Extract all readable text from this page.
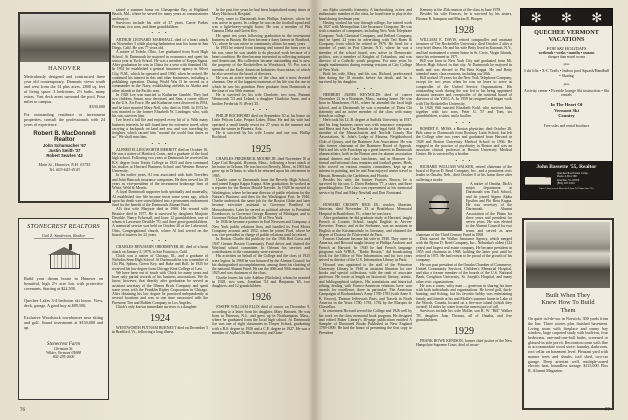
HANOVER
Meticulously designed and constructed three year old contemporary. Dramatic views south and west from the 14 plus acres. 2800 sq. feet of living space. 3 bedrooms, 2½ baths, many extras. Vast deck areas surround the pool. Four miles to campus.
$350,000
For outstanding residence or investment properties, consult the professionals with 24 years of experience.
Robert B. MacDonnell
Realtor
John Schumacher '67
Justin Smith '37
Robert Searles '42
Main St., Hanover, N.H. 03755
Tel. 603-643-4143
STONECREST REALTORS
Gail Z. Sanderson, Realtor
Build your dream house in Hanover on beautiful, high 2½ acre lots with protective covenants. Starting at $22,500.
Quechee Lakes 3-4 bedroom ski house. View, deck, garage. A good buy at $89,500.
Exclusive Woodstock townhouses near skiing and golf. Sound investment at $150,000 and up.
Stonecrest Farm
Christian St.
Wilder, Vermont 05088
802-295-2600
✻ ✻ ✻
QUECHEE VERMONT VACATIONS
FOR SKI HOLIDAYS
weekends • weeks • months • seasons
cheaper than motel rooms
plus
3 ski lifts • X-C Trails • Indoor pool Squash/Handball • Skating
plus
Activity center • Fireside lounge Ski instruction • Ski rentals
In The Heart Of Vermont Ski Country
Free sales and rental brochure
John Bassette '55, Realtor
Quechee Real Estate Comp.
Route 4, Box 560
Quechee, Vt. 05059
(802) 295-5100
Open 7 days a week Mon-Sat 9-5pm Fri 9-8pm Sun 12-5
Built When They Knew How To Build Them
On quiet cul-de-sac in Norwich, 300 yards from the Inn. Three stories plus finished basement. Living room with fireplace and sunny bay window, large carpeted study with built-ins, four bedrooms, one-and-one-half baths, screened or glassed-in side porch. Recreation room with flue to accommodate wood stove, laundry, darkroom, root cellar on basement level. Pleasant yard with mature trees and shrubs, tool shed, two-car garage. Deep artesian well, multiple-zoned electric heat, boundless storage. $115,000. Box R, Alumni Magazine.

raised a summer home on Chesapeake Bay at Highland Beach, Md., where he served for many years as commissioner and mayor.

Survivors include his wife of 37 years, Carrie Parkes Freeman, two sons, and three grandchildren.

• • •

ARTHUR LEONARD MARSHALL died of a heart attack on November 3 while playing badminton near his home in San Diego, Calif. He was 77 years old.

A native of Toledo, Ohio, Lee graduated from Scott High School. At Dartmouth he majored in economics and spent his senior year at Tuck School. He was a member of Kappa Sigma. After graduation he was in China for a year with Standard Oil. In 1931 he established a general insurance agency in Silver City, N.M., which he operated until 1960, when he retired. He continued his interest in this and other businesses, including a publishing operation. During World War II he served as a commander in the Navy, establishing airfields in Alaska and other islands in the Pacific area.

In 1928 Lee was married to Katharine Gamble. They had two children, Susan, now deceased, and Sam, a career officer in the U.S. Air Force. He and Katharine were divorced in 1954, and he later married Mary Nell, who died in 1969. In 1972 he was married to the former Elizabeth W. Lindinger, who, with his son, survives him.

Lee lived a full life and enjoyed every bit of it. With many business interests, he still found time for extensive travel, often carrying a backpack on land and sea, and was traveling by freighter, which carried him "around the world four times or so." We shall miss him.

• • •

ALFRED ELLINGWORTH MERRITT died on October 16. He was a native of Hartford, Conn., and a graduate of the local high school. Following two years at Dartmouth he received his B.S. degree from Trinity College in 1923 and then continued his studies at Harvard Business School and Western Reserve University.

In his earlier years, Al was associated with both Travelers and John Hancock insurance companies. He then served for 28 years as vice-president of the investment brokerage firm of White, Weld & Merritt.

A loyal Dartmouth supporter both spiritually and materially, Al established two life income trusts some years ago, which upon his death were consolidated into a permanent endowment fund for the benefit of the Dartmouth Alumni Fund.

Al's first wife Marjorie died in 1966. His second wife Beatrice died in 1977. He is survived by daughters Marjorie Dewilde, Nancy Eckersall, and Joan; 12 grandchildren, one of whom is Lawrence Dewilde '70, and three great-grandchildren. A memorial service was held on October 20 at the Lakewood, Ohio, Congregational church, where Al had served on the board of trustees for 22 years.

• • •

CHARLES BENJAMIN OBERMEYER JR. died of a heart attack on January 3, 1978, in San Francisco, Calif.

Chick was a native of Chicago, Ill., and a graduate of Nicholas Senn High School. At Dartmouth he was a member of Chi Phi, Sphinx, Green Key, and Rake and Roll. In 1925 he received his law degree from Chicago Kent College of Law.

We have been out of touch with Chick for many years and have only partial records of his business associations. We do know, however, that directly after graduation he served as assistant secretary of the Illinois Brick Company and spent some years with the Franklin Ripley Corporation in Chicago. After obtaining his law degree he practiced independently at several locations and was at one time associated with the Firestone Tire and Rubber Company in Los Angeles.

Chick's only known immediate survivor is a daughter.

1924

WENTWORTH PUTNAM BURNETT died on December 5 in Bradford, Vt., following a long illness.

In the past five years he had been hospitalized many times at Mary Hitchcock Hospital.

Porty came to Dartmouth from Phillips Andover, where he was active in sports. In college he was on the football squad and was a light-heavy-weight boxer. He was a member of Phi Gamma Delta and Green Key.

He spent ten years following graduation in the investment business in Boston. He then became a dairy farmer in Bradford, Vt., where he was active in community affairs for many years.

In 1953 he retired from farming and turned the farm over to his son, since he was unable to do physical work because of a heart condition. He then became interested in collecting antiques and Americana. His collection became outstanding and is now the property of the Rockefellers in Woodstock, Vt. Por was a member of the Early American Industries Association, of which he also served on the board of directors.

He was an active member of the class and a most devoted alumnus. One of the happiest moments of his life was the one in which he saw his grandson Peter graduate from Dartmouth at the time of our 50th reunion.

He is survived by his wife Charlotte, two sons, Putnam Wentworth '53 and Leland, a daughter Charlotte Anne, and a brother Frederick N. (Pete) '25.

• • •

PHILIP ROCHFORD died on September 30 at his home on Little Pelican Lake, Pequot Lakes, Minn. He and his wife had operated a small family resort for 27 years in the summer and spent the winter in Phoenix, Ariz.

He is survived by his wife Louise and one son, Phillip Rochford.

1925

CHARLES FREDERICK MOORE JR. died November 10 at Cape Cod Hospital, Hyannis, Mass., following a heart attack at his home in Orleans. He was born in Beverly, Mass., in 1903 but grew up in Orleans, to which he returned upon his retirement in 1965.

Charlie came to Dartmouth from the Beverly High School, and joined Kappa Kappa Kappa. After graduation, he worked as a reporter for the Boston Herald-Traveler. In 1928 he moved to Washington, where he became director of public relations for the Nation's Business and then for the Washington Post. In 1940, Charlie undertook the same job for the Boston Globe and later became executive assistant to Governor Bradford of Massachusetts. Later he served as political adviser to President Eisenhower, to Governor George Romney of Michigan, and to Governor Nelson Rockefeller '30 of New York.

In 1946 he became a partner in Earl Newsom and Company, a New York public relations firm, and handled its Ford Motor Company account until 1952, when he joined Ford, where he was vice-president in charge of public relations until he retired.

In Boston Charlie did publicity for the 1946 Red Cross and 1947 Greater Boston Community Fund drives and chaired the Wayland school committee. In Orleans his services and contributions to the community were extensive.

His activities on behalf of the College and the class of 1925 were legion. In 1968 he was honored by the Alumni Council for his distinguished accomplishments, among them his chairing of the national Alumni Fund. He ran the 40th and 50th reunions for 1925 and was chairman of the class.

Charlie leaves his wife Adeline (Nicholas), whom he married in 1928, two sons, Jonathan '54 and Benjamin '65, two daughters, and 12 grandchildren.

1926

JOSEPH WILLIAM ELLIS died of cancer on December 9, according to a letter from his daughter, Mary Hartnett. He was born in Paterson, N.J., and grew up in Northampton, Mass., where he graduated from the local high school. At Dartmouth Joe was one of eight classmates in Thayer School, graduating with a B.S. degree in 1926 and a C.E. degree in 1927. He was a member of Alpha Chi Rho fraternity and Gam-

ma Alpha scientific fraternity. A hardworking, active, and enthusiastic member of the class, he found time to play in the band during freshman year.

Having worked his way through college, Joe started work in 1927 with Metropolitan Life Insurance Company. He was with a number of companies, including New York Telephone Company, York Chemical Company, and Bellard Company, and he spent 22 years in advertising with Ted Bates & Company, from which he retired in 1970. He lived for a number of years in Port Chester, N.Y., where he was a member of the school board, was active in Democratic politics, was a member of Knights of Columbus, and was director of a Catholic youth program. For nine years he taught mathematics during evening sessions at City College of New York.

Both his wife, Mary, and his son, Richard, predeceased him during the 18 months before his death, and he is survived by his daughter.

• • •

HERBERT JAMES REYNOLDS died of cancer November 12 in a Braintree, Mass., nursing home. He was born in Manchester, N.H., where he attended the local high school, and at Dartmouth he was a member of Theta Chi fraternity and an active member of the class with many friends in college.

Herb took his LL.B. degree at Suffolk University in 1937, and his long business career was with insurance companies and Hertz and Avis Car Rentals in the legal field. He was a member of the Massachusetts and Norfolk County Bar Associations, St. John's Lodge of Masons, Neighborhood Club of Quincy, and the Braintree Arts Association. He was also former chairman of the Braintree Board of Appeals. Herb and his wife Fran kept up a great interest in Dartmouth alumni affairs, both in the Boston area for alumni association annual dinners and class luncheons, and in Hanover for formal and informal class reunions and football games. Herb, who served on various reunion committees, kept up an interest in painting, and he and Fran enjoyed winter travel to Hawaii, Bermuda, the Caribbean, and Florida.

Besides his wife, the former Frances Brown, he is survived by his son, C. Davis Redmon '77, a sister, and three granddaughters. The class was represented at his memorial service by Paul and Mary Newhall and Don Norstrand.

• • •

HOWARD CROSBY RICE JR., teacher, librarian, historian, died November 23 at Brattleboro Memorial Hospital in Brattleboro, Vt., where he was born.

After graduation he did graduate study at Harvard, taught French at Loomis School, taught English in Aix-en-Provence, France, and at the Sorbonne, was an assistant in English at the Kristianschule in Germany, and obtained the degree of Docteur de l'Université de Paris.

Frances Chaloner became his wife in 1938. They came to America, and Howard taught history at Phillips Andover and French at Harvard. In 1940 he had French language programs with WRUL, "Radio Boston," did broadcasting work for the Office of War Information, and for two years served as director of the U.S. Information Library in Paris.

Howard was appointed to the staff of the Princeton University Library in 1948 as assistant librarian for rare books and special collections, with the rank of associate professor. He wrote at length on historical, literary, artistic, and bibliographical subjects. His translations and historical editing dealing with Franco-American relations have won awards for excellence, three in particular: The American Campaigns of Rochambeau's Army 1780-1783 (with Anne S. K. Brown), Thomas Jefferson's Paris, and Travels in North America in the Years 1780, 1781, 1782 by the Marquis de Chastellux.

In retirement Howard served the College and 1926 well by his work on the class memorial book program. He designed and edited Baker Library's 40-page publication entitled A Sampler of Illustrated Books Published in New England 1769-1809. He had the honor of presenting the first copy to President

Kemeny at the 45th reunion of the class in June 1978.

Besides his wife Frances, he is survived by his sisters, Eleanor R. Sampson and Marion R. Hooper.

1928

WILLIAM E. DAVIS, retired comptroller and assistant treasurer of The Rockefeller University, died October 2 after a very brief illness. He and his wife Betty lived in Katonah, N.Y., and had maintained a winter home in St. Croix, Virgin Islands, since his retirement in 1971.

Bill was born in New York City and graduated from Mt. Morris High School in that city. At Dartmouth he majored in math and was elected to Phi Beta Kappa. He and Betty attended many class reunions, including our 50th.

Bill worked 19 years for the New York Telephone Company, except for two years when he was on leave to serve as comptroller of the United Service Organizations. His outstanding work during the war led to his being appointed assistant treasurer and comptroller of the national board of directors of the Y.M.C.A. In 1959 he resigned and began work with The Rockefeller University.

In 1928, Bill married Elizabeth Kohl, who survives him, together with two sons, Peter G. '57 and Tom, six grandchildren, a sister, and a brother.

• • •

ROBERT E. MOSS, a Boston physician, died October 28. Bob came to Dartmouth from Roxbury Latin School, but left the College after two years and graduated from Harvard in 1928 and Boston University Medical School in 1936. He engaged in the practice of psychiatry in Boston and was an associate clinical professor at Boston University Medical Center. He is survived by a brother.

• • •

RICHARD WILLIAM WALKER, retired chairman of the board of Byron D. Reed Company, Inc., and a prominent civic leader in Omaha, Neb., died October 8 at his home there after suffering a stroke.

A native of Omaha, Dick's major department at Dartmouth was Tuck School, and he joined Sigma Alpha Epsilon and Phi Beta Kappa. He was secretary of the Dartmouth Alumni Association of the Plains for three years and president for seven years. He was elected to the Alumni Council for two terms and served as area chairman of the Third Century Fund in 1968.

Dick started the Walker Insurance Agency, which merged with the Byron D. Reed Company, Inc., Nebraska's oldest (124 years) and largest real estate company. He became president in 1955 and chairman in 1968, holding the latter post until he retired in 1975. He had reason to be proud of the growth of his company.

He was past president of the Omaha Chamber of Commerce, United Community Services, Children's Memorial Hospital, and also a former member of the boards of the U.S. National Bank, Creighton University, St. Joseph's Hospital, and many other civic organizations.

He was a warm, witty man — generous in sharing his time with both individuals and organizations. He loved golf, duck-hunting, and fishing, but his favorite hobby was entertaining family and friends at his and Mollie's summer home in Lake of the Woods, Canada, located on a five-acre island (which they owned) 14 miles by water from the nearest port of call.

Survivors include his wife Mollie, son R. W. "Bill" Walker '59, daughter Joan Thomas, all of Omaha, and five grandchildren.

1929

FRANK ROWE KENISON, former chief justice of the New Hampshire Supreme Court, died of an un-

76	77
